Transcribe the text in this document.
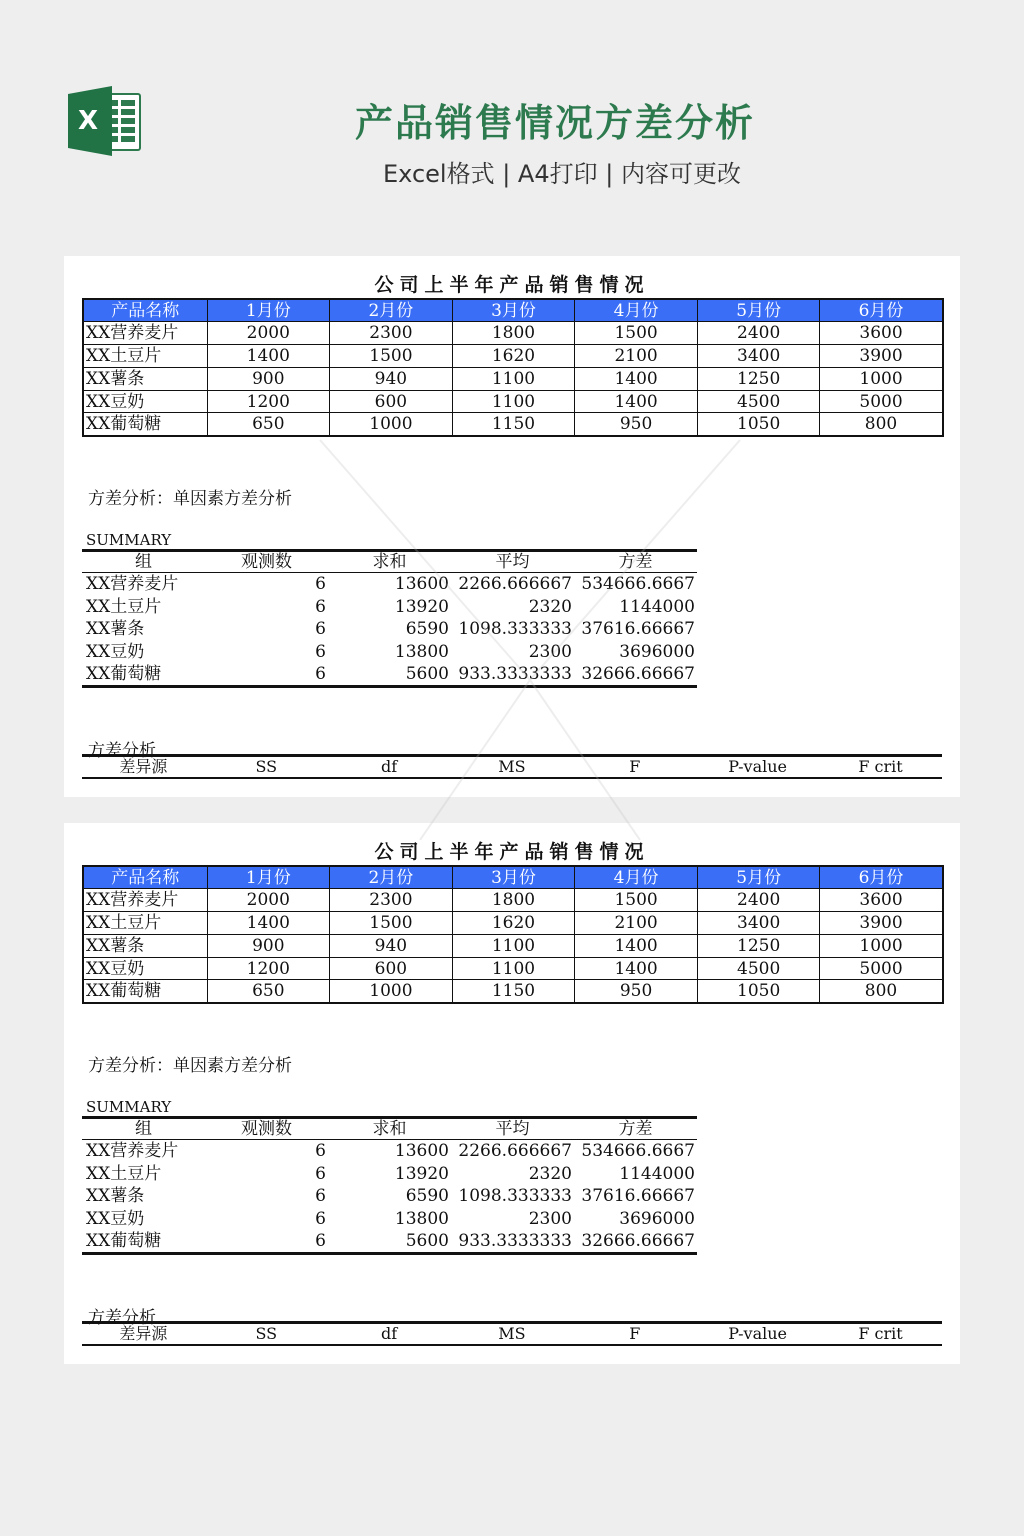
X	产品销售情况方差分析
Excel格式 | A4打印 | 内容可更改
公司上半年产品销售情况
产品名称	1月份	2月份	3月份	4月份	5月份	6月份
XX营养麦片	2000	2300	1800	1500	2400	3600
XX土豆片	1400	1500	1620	2100	3400	3900
XX薯条	900	940	1100	1400	1250	1000
XX豆奶	1200	600	1100	1400	4500	5000
XX葡萄糖	650	1000	1150	950	1050	800
方差分析：单因素方差分析
SUMMARY
组	观测数	求和	平均	方差
XX营养麦片	6	13600	2266.666667	534666.6667
XX土豆片	6	13920	2320	1144000
XX薯条	6	6590	1098.333333	37616.66667
XX豆奶	6	13800	2300	3696000
XX葡萄糖	6	5600	933.3333333	32666.66667
方差分析
差异源	SS	df	MS	F	P-value	F crit
公司上半年产品销售情况
产品名称	1月份	2月份	3月份	4月份	5月份	6月份
XX营养麦片	2000	2300	1800	1500	2400	3600
XX土豆片	1400	1500	1620	2100	3400	3900
XX薯条	900	940	1100	1400	1250	1000
XX豆奶	1200	600	1100	1400	4500	5000
XX葡萄糖	650	1000	1150	950	1050	800
方差分析：单因素方差分析
SUMMARY
组	观测数	求和	平均	方差
XX营养麦片	6	13600	2266.666667	534666.6667
XX土豆片	6	13920	2320	1144000
XX薯条	6	6590	1098.333333	37616.66667
XX豆奶	6	13800	2300	3696000
XX葡萄糖	6	5600	933.3333333	32666.66667
方差分析
差异源	SS	df	MS	F	P-value	F crit
